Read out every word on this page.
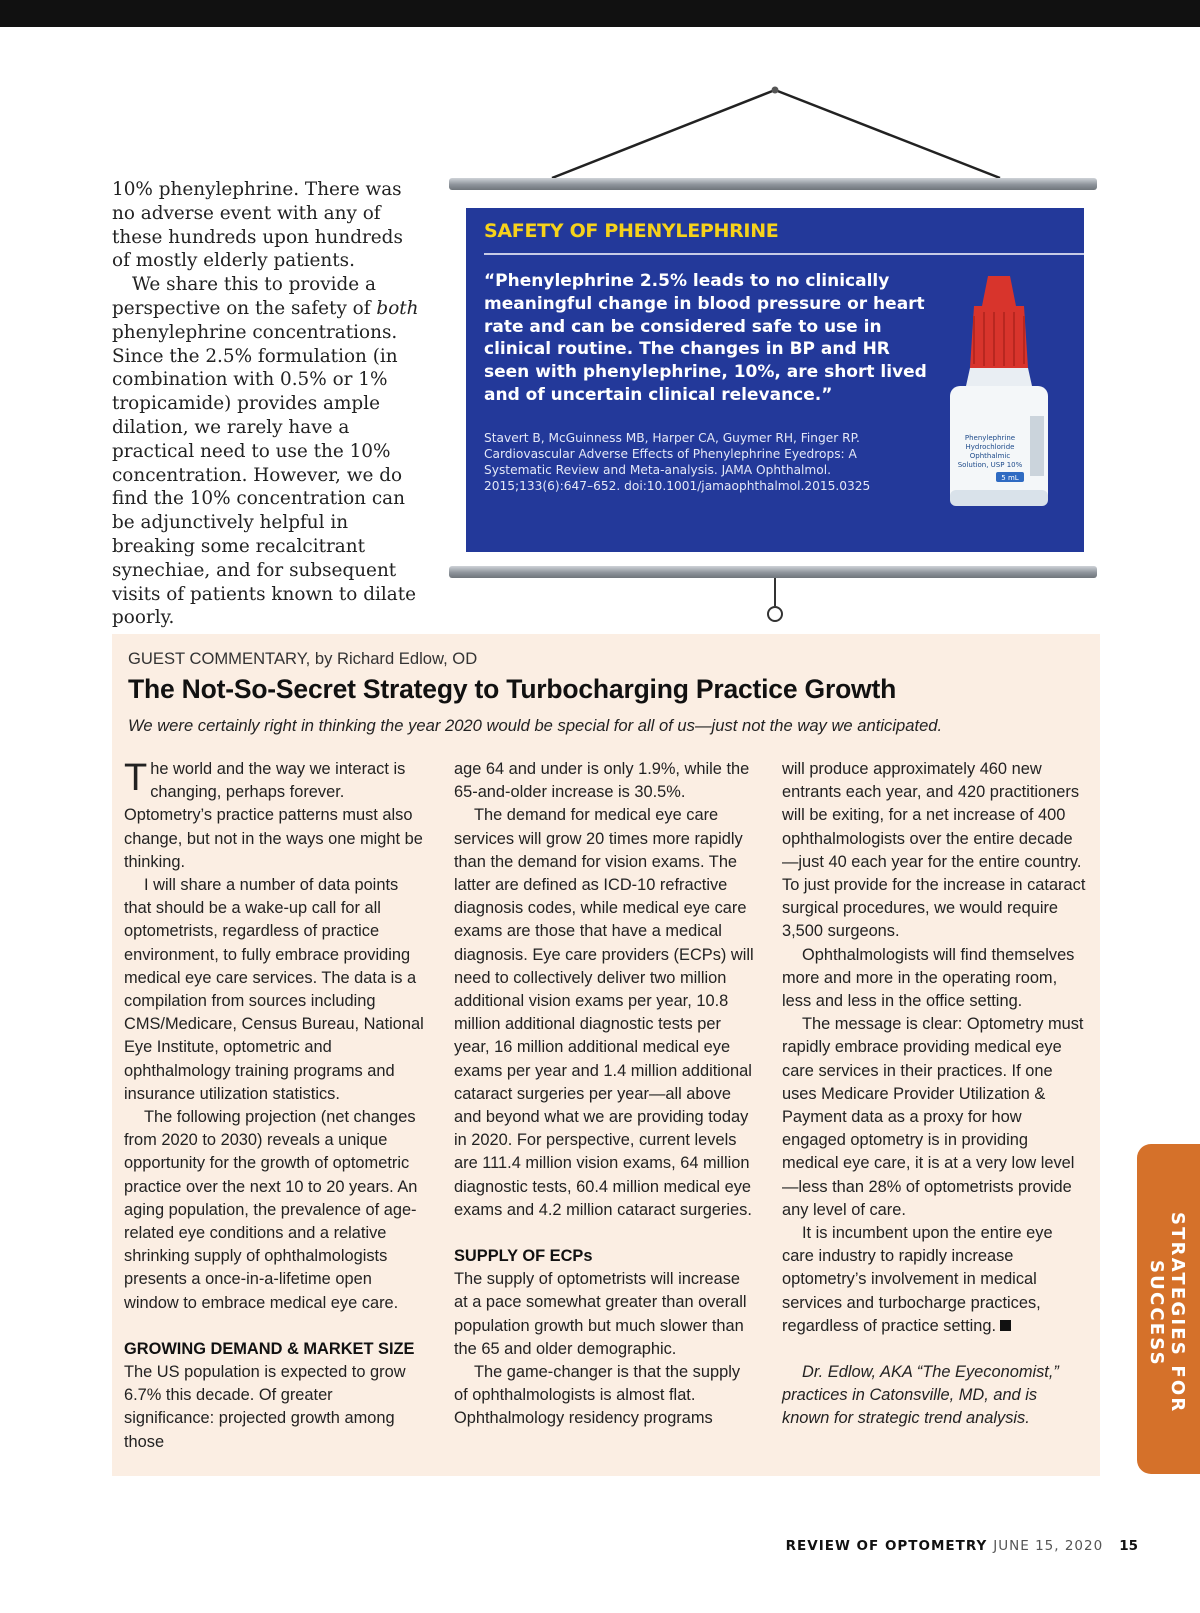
10% phenylephrine. There was no adverse event with any of these hundreds upon hundreds of mostly elderly patients.

We share this to provide a perspective on the safety of both phenylephrine concentrations. Since the 2.5% formulation (in combination with 0.5% or 1% tropicamide) provides ample dilation, we rarely have a practical need to use the 10% concentration. However, we do find the 10% concentration can be adjunctively helpful in breaking some recalcitrant synechiae, and for subsequent visits of patients known to dilate poorly.

SAFETY OF PHENYLEPHRINE
“Phenylephrine 2.5% leads to no clinically meaningful change in blood pressure or heart rate and can be considered safe to use in clinical routine. The changes in BP and HR seen with phenylephrine, 10%, are short lived and of uncertain clinical relevance.”
Stavert B, McGuinness MB, Harper CA, Guymer RH, Finger RP. Cardiovascular Adverse Effects of Phenylephrine Eyedrops: A Systematic Review and Meta-analysis. JAMA Ophthalmol. 2015;133(6):647–652. doi:10.1001/jamaophthalmol.2015.0325
Phenylephrine
Hydrochloride
Ophthalmic
Solution, USP 10%
5 mL
GUEST COMMENTARY, by Richard Edlow, OD
The Not-So-Secret Strategy to Turbocharging Practice Growth
We were certainly right in thinking the year 2020 would be special for all of us—just not the way we anticipated.

The world and the way we interact is changing, perhaps forever. Optometry’s practice patterns must also change, but not in the ways one might be thinking.

I will share a number of data points that should be a wake-up call for all optometrists, regardless of practice environment, to fully embrace providing medical eye care services. The data is a compilation from sources including CMS/Medicare, Census Bureau, National Eye Institute, optometric and ophthalmology training programs and insurance utilization statistics.

The following projection (net changes from 2020 to 2030) reveals a unique opportunity for the growth of optometric practice over the next 10 to 20 years. An aging population, the prevalence of age-related eye conditions and a relative shrinking supply of ophthalmologists presents a once-in-a-lifetime open window to embrace medical eye care.

GROWING DEMAND & MARKET SIZE

The US population is expected to grow 6.7% this decade. Of greater significance: projected growth among those

age 64 and under is only 1.9%, while the 65-and-older increase is 30.5%.

The demand for medical eye care services will grow 20 times more rapidly than the demand for vision exams. The latter are defined as ICD-10 refractive diagnosis codes, while medical eye care exams are those that have a medical diagnosis. Eye care providers (ECPs) will need to collectively deliver two million additional vision exams per year, 10.8 million additional diagnostic tests per year, 16 million additional medical eye exams per year and 1.4 million additional cataract surgeries per year—all above and beyond what we are providing today in 2020. For perspective, current levels are 111.4 million vision exams, 64 million diagnostic tests, 60.4 million medical eye exams and 4.2 million cataract surgeries.

SUPPLY OF ECPs

The supply of optometrists will increase at a pace somewhat greater than overall population growth but much slower than the 65 and older demographic.

The game-changer is that the supply of ophthalmologists is almost flat. Ophthalmology residency programs

will produce approximately 460 new entrants each year, and 420 practitioners will be exiting, for a net increase of 400 ophthalmologists over the entire decade—just 40 each year for the entire country. To just provide for the increase in cataract surgical procedures, we would require 3,500 surgeons.

Ophthalmologists will find themselves more and more in the operating room, less and less in the office setting.

The message is clear: Optometry must rapidly embrace providing medical eye care services in their practices. If one uses Medicare Provider Utilization & Payment data as a proxy for how engaged optometry is in providing medical eye care, it is at a very low level—less than 28% of optometrists provide any level of care.

It is incumbent upon the entire eye care industry to rapidly increase optometry’s involvement in medical services and turbocharge practices, regardless of practice setting.

Dr. Edlow, AKA “The Eyeconomist,” practices in Catonsville, MD, and is known for strategic trend analysis.

STRATEGIES FOR SUCCESS
REVIEW OF OPTOMETRY JUNE 15, 2020 15
